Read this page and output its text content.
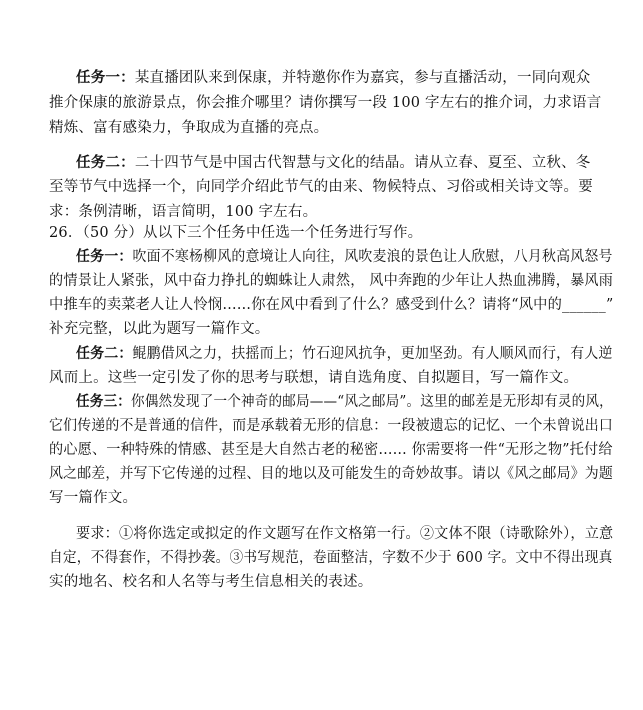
任务一：某直播团队来到保康，并特邀你作为嘉宾，参与直播活动，一同向观众
推介保康的旅游景点，你会推介哪里？请你撰写一段 100 字左右的推介词，力求语言
精炼、富有感染力，争取成为直播的亮点。
任务二：二十四节气是中国古代智慧与文化的结晶。请从立春、夏至、立秋、冬
至等节气中选择一个，向同学介绍此节气的由来、物候特点、习俗或相关诗文等。要
求：条例清晰，语言简明，100 字左右。
26．（50 分）从以下三个任务中任选一个任务进行写作。
任务一：吹面不寒杨柳风的意境让人向往，风吹麦浪的景色让人欣慰，八月秋高风怒号
的情景让人紧张，风中奋力挣扎的蜘蛛让人肃然， 风中奔跑的少年让人热血沸腾，暴风雨
中推车的卖菜老人让人怜悯……你在风中看到了什么？感受到什么？请将“风中的______”
补充完整，以此为题写一篇作文。
任务二：鲲鹏借风之力，扶摇而上；竹石迎风抗争，更加坚劲。有人顺风而行，有人逆
风而上。这些一定引发了你的思考与联想，请自选角度、自拟题目，写一篇作文。
任务三：你偶然发现了一个神奇的邮局——“风之邮局”。这里的邮差是无形却有灵的风，
它们传递的不是普通的信件，而是承载着无形的信息：一段被遗忘的记忆、一个未曾说出口
的心愿、一种特殊的情感、甚至是大自然古老的秘密…… 你需要将一件“无形之物”托付给
风之邮差，并写下它传递的过程、目的地以及可能发生的奇妙故事。请以《风之邮局》为题
写一篇作文。
要求：①将你选定或拟定的作文题写在作文格第一行。②文体不限（诗歌除外），立意
自定，不得套作，不得抄袭。③书写规范，卷面整洁，字数不少于 600 字。文中不得出现真
实的地名、校名和人名等与考生信息相关的表述。
